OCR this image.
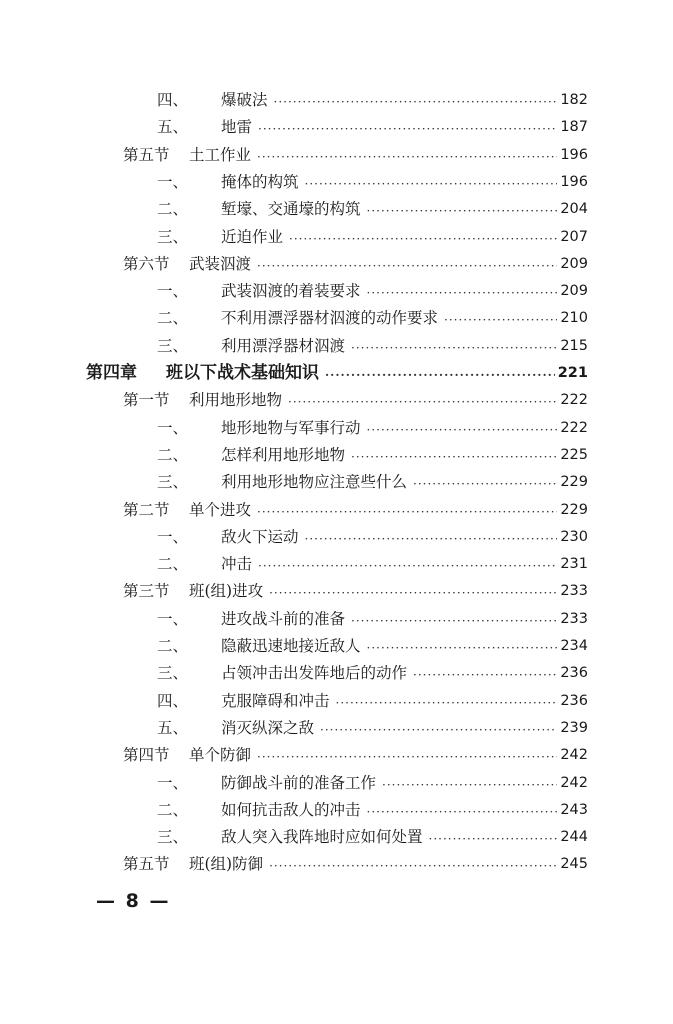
四、 爆破法 ·····	182
五、 地雷 ·····	187
第五节 土工作业 ·····	196
一、 掩体的构筑 ·····	196
二、 堑壕、交通壕的构筑 ·····	204
三、 近迫作业 ·····	207
第六节 武装泅渡 ·····	209
一、 武装泅渡的着装要求 ·····	209
二、 不利用漂浮器材泅渡的动作要求 ·····	210
三、 利用漂浮器材泅渡 ·····	215
第四章 班以下战术基础知识 ·····	221
第一节 利用地形地物 ·····	222
一、 地形地物与军事行动 ·····	222
二、 怎样利用地形地物 ·····	225
三、 利用地形地物应注意些什么 ·····	229
第二节 单个进攻 ·····	229
一、 敌火下运动 ·····	230
二、 冲击 ·····	231
第三节 班(组)进攻 ·····	233
一、 进攻战斗前的准备 ·····	233
二、 隐蔽迅速地接近敌人 ·····	234
三、 占领冲击出发阵地后的动作 ·····	236
四、 克服障碍和冲击 ·····	236
五、 消灭纵深之敌 ·····	239
第四节 单个防御 ·····	242
一、 防御战斗前的准备工作 ·····	242
二、 如何抗击敌人的冲击 ·····	243
三、 敌人突入我阵地时应如何处置 ·····	244
第五节 班(组)防御 ·····	245
— 8 —
